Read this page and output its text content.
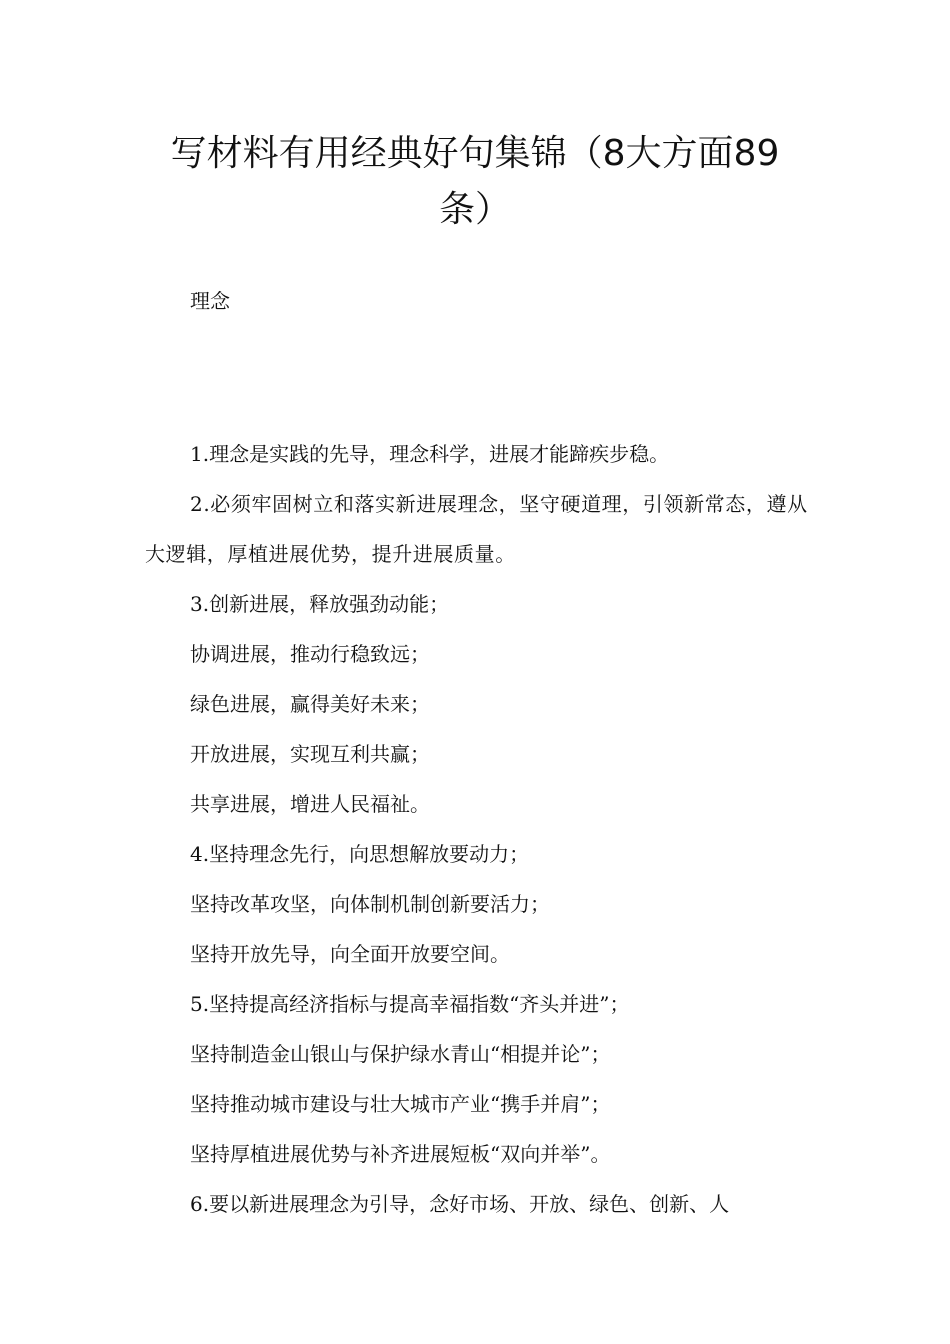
写材料有用经典好句集锦（8大方面89
条）
理念

1.理念是实践的先导，理念科学，进展才能蹄疾步稳。

2.必须牢固树立和落实新进展理念，坚守硬道理，引领新常态，遵从大逻辑，厚植进展优势，提升进展质量。

3.创新进展，释放强劲动能；

协调进展，推动行稳致远；

绿色进展，赢得美好未来；

开放进展，实现互利共赢；

共享进展，增进人民福祉。

4.坚持理念先行，向思想解放要动力；

坚持改革攻坚，向体制机制创新要活力；

坚持开放先导，向全面开放要空间。

5.坚持提高经济指标与提高幸福指数“齐头并进”；

坚持制造金山银山与保护绿水青山“相提并论”；

坚持推动城市建设与壮大城市产业“携手并肩”；

坚持厚植进展优势与补齐进展短板“双向并举”。

6.要以新进展理念为引导，念好市场、开放、绿色、创新、人
